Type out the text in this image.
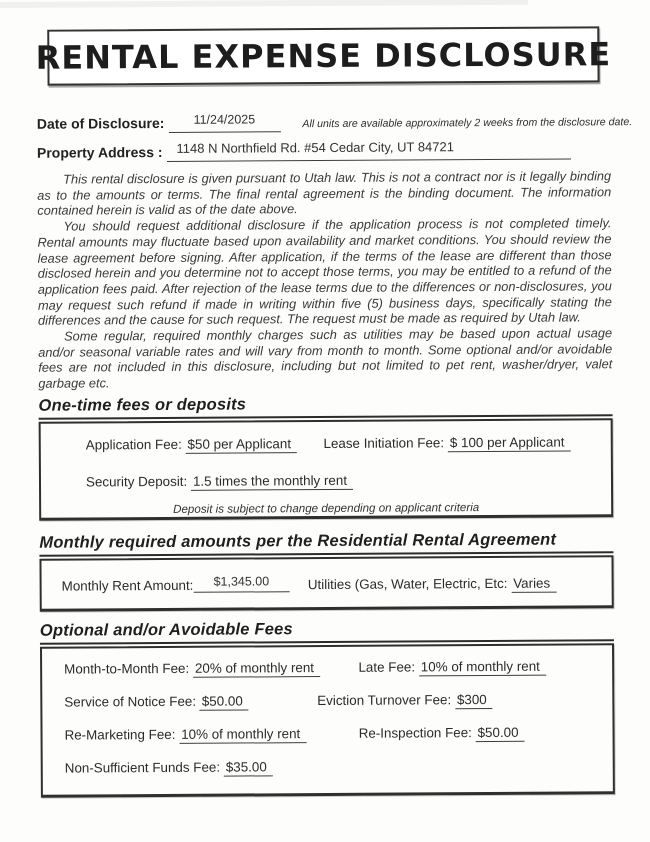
RENTAL EXPENSE DISCLOSURE
Date of Disclosure:	$^{11/24/2025}$	All units are available approximately 2 weeks from the disclosure date.
Property Address :	$^{1148 N Northfield Rd. \#54 Cedar City, UT 84721}$

This rental disclosure is given pursuant to Utah law. This is not a contract nor is it legally binding as to the amounts or terms. The final rental agreement is the binding document. The information contained herein is valid as of the date above.

You should request additional disclosure if the application process is not completed timely. Rental amounts may fluctuate based upon availability and market conditions. You should review the lease agreement before signing. After application, if the terms of the lease are different than those disclosed herein and you determine not to accept those terms, you may be entitled to a refund of the application fees paid. After rejection of the lease terms due to the differences or non-disclosures, you may request such refund if made in writing within five (5) business days, specifically stating the differences and the cause for such request. The request must be made as required by Utah law.

Some regular, required monthly charges such as utilities may be based upon actual usage and/or seasonal variable rates and will vary from month to month. Some optional and/or avoidable fees are not included in this disclosure, including but not limited to pet rent, washer/dryer, valet garbage etc.

One-time fees or deposits
Application Fee: $50 per Applicant Lease Initiation Fee: $ 100 per Applicant
Security Deposit: 1.5 times the monthly rent
Deposit is subject to change depending on applicant criteria
Monthly required amounts per the Residential Rental Agreement
Monthly Rent Amount: $1,345.00	Utilities (Gas, Water, Electric, Etc: Varies
Optional and/or Avoidable Fees
Month-to-Month Fee: 20% of monthly rent	Late Fee: 10% of monthly rent
Service of Notice Fee: $50.00	Eviction Turnover Fee: $300
Re-Marketing Fee: 10% of monthly rent	Re-Inspection Fee: $50.00
Non-Sufficient Funds Fee: $35.00
